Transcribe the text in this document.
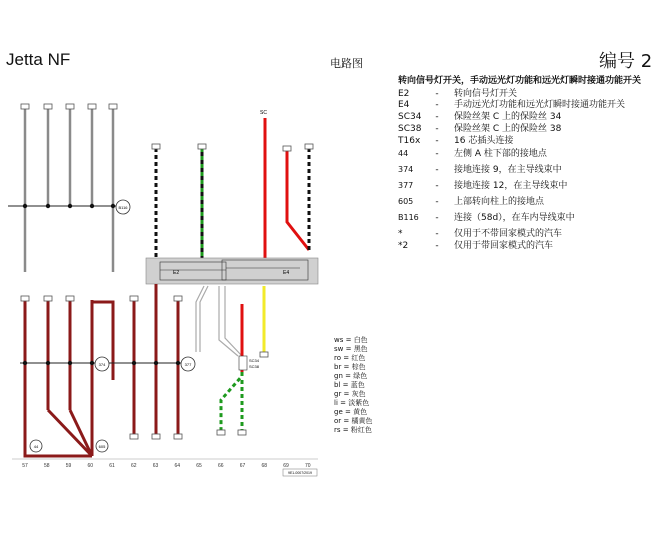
Jetta NF	电路图	编号 2
转向信号灯开关，手动远光灯功能和远光灯瞬时接通功能开关
E2	- 转向信号灯开关
E4	- 手动远光灯功能和远光灯瞬时接通功能开关
SC34 - 保险丝架 C 上的保险丝 34
SC38 - 保险丝架 C 上的保险丝 38
T16x - 16 芯插头连接
44	- 左侧 A 柱下部的接地点
374 - 接地连接 9，在主导线束中
377 - 接地连接 12，在主导线束中
605 - 上部转向柱上的接地点
B116 - 连接（58d），在车内导线束中
*	- 仅用于不带回家模式的汽车
*2	- 仅用于带回家模式的汽车
ws = 白色
sw = 黑色
ro = 红色
br = 棕色
gn = 绿色
bl = 蓝色
gr = 灰色
li = 淡紫色
ge = 黄色
or = 橘黄色
rs = 粉红色
B116
SC
E2	E4
SC34
SC38
374	377
44	605
57	58	59	60	61	62	63	64	65	66	67	68	69	70
9E1-0007/2019
